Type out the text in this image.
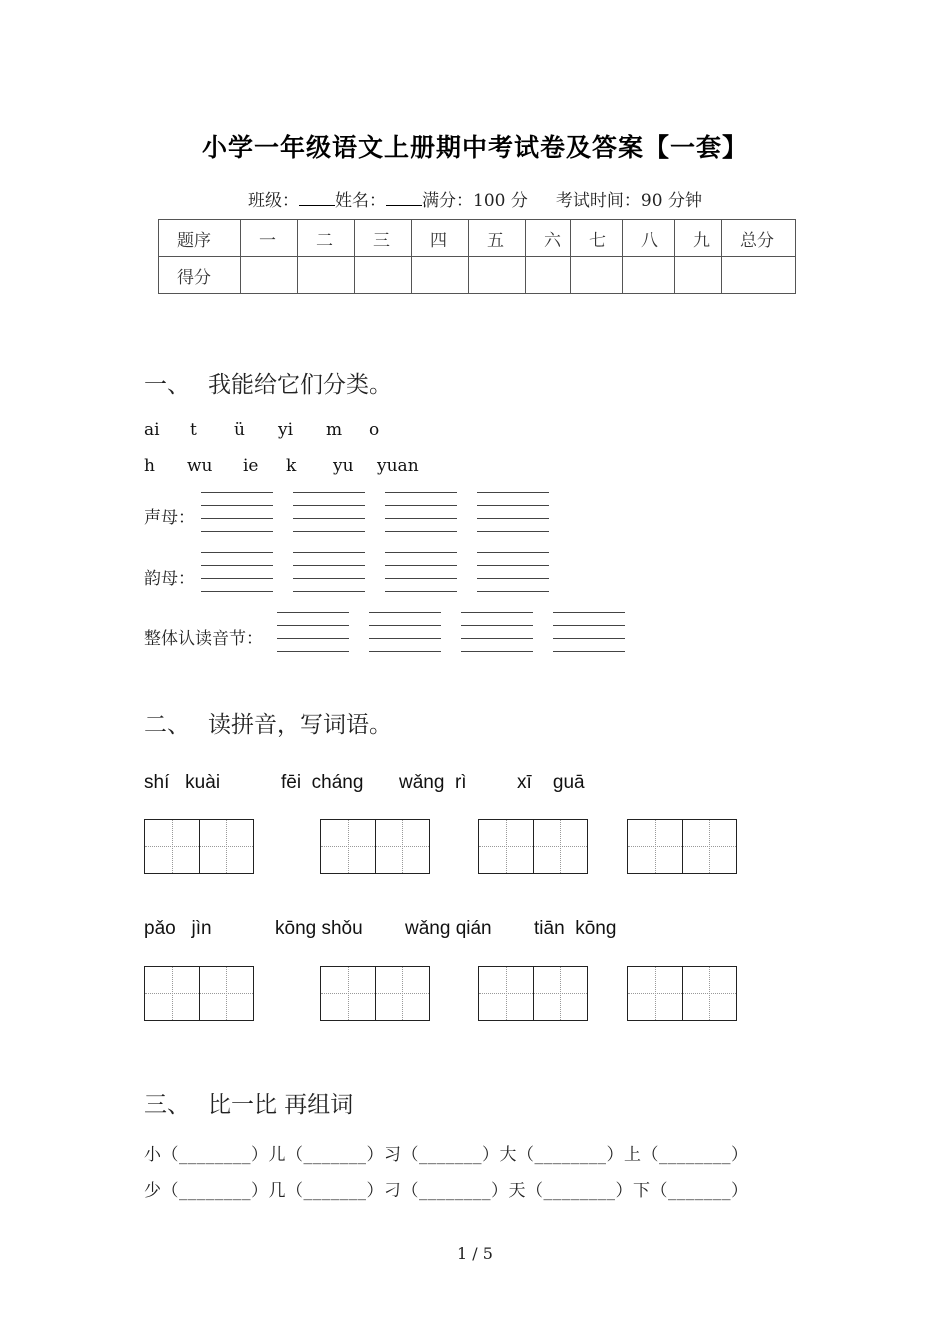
小学一年级语文上册期中考试卷及答案【一套】
班级： 姓名： 满分：100 分 考试时间：90 分钟
题序	一	二	三	四	五	六	七	八	九	总分
得分										
一、 我能给它们分类。
ai t ü yi m o
h wu ie k yu yuan
声母：
韵母：
整体认读音节：
二、 读拼音，写词语。
shí   kuài	fēi  cháng wǎng  rì	xī    guā
pǎo   jìn	kōng shǒu wǎng qián tiān  kōng
三、 比一比 再组词
小（________）儿（_______）习（_______）大（________）上（________）
少（________）几（_______）刁（________）天（________）下（_______）
1 / 5
